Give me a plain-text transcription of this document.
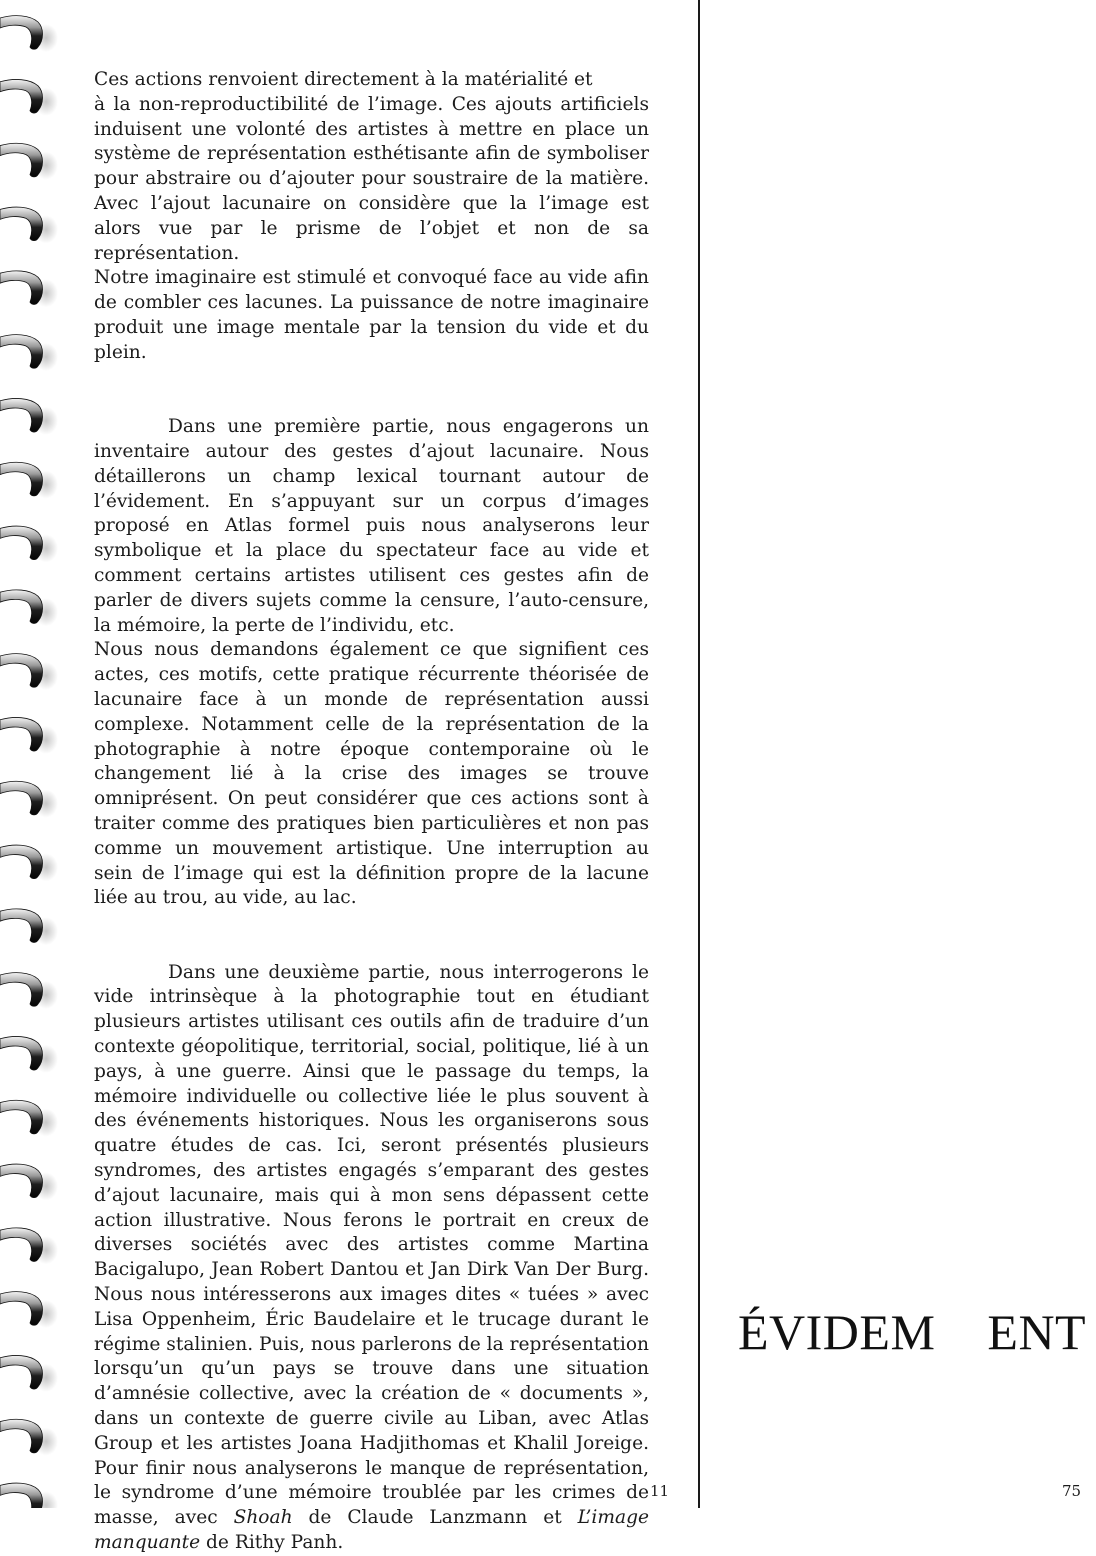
Ces actions renvoient directement à la matérialité et

à la non-reproductibilité de l’image. Ces ajouts artificiels induisent une volonté des artistes à mettre en place un système de représentation esthétisante afin de symboliser pour abstraire ou d’ajouter pour soustraire de la matière. Avec l’ajout lacunaire on considère que la l’image est alors vue par le prisme de l’objet et non de sa représentation.

Notre imaginaire est stimulé et convoqué face au vide afin de combler ces lacunes. La puissance de notre imaginaire produit une image mentale par la tension du vide et du plein.

Dans une première partie, nous engagerons un inventaire autour des gestes d’ajout lacunaire. Nous détaillerons un champ lexical tournant autour de l’évidement. En s’appuyant sur un corpus d’images proposé en Atlas formel puis nous analyserons leur symbolique et la place du spectateur face au vide et comment certains artistes utilisent ces gestes afin de parler de divers sujets comme la censure, l’auto-censure, la mémoire, la perte de l’individu, etc.

Nous nous demandons également ce que signifient ces actes, ces motifs, cette pratique récurrente théorisée de lacunaire face à un monde de représentation aussi complexe. Notamment celle de la représentation de la photographie à notre époque contemporaine où le changement lié à la crise des images se trouve omniprésent. On peut considérer que ces actions sont à traiter comme des pratiques bien particulières et non pas comme un mouvement artistique. Une interruption au sein de l’image qui est la définition propre de la lacune liée au trou, au vide, au lac.

Dans une deuxième partie, nous interrogerons le vide intrinsèque à la photographie tout en étudiant plusieurs artistes utilisant ces outils afin de traduire d’un contexte géopolitique, territorial, social, politique, lié à un pays, à une guerre. Ainsi que le passage du temps, la mémoire individuelle ou collective liée le plus souvent à des événements historiques. Nous les organiserons sous quatre études de cas. Ici, seront présentés plusieurs syndromes, des artistes engagés s’emparant des gestes d’ajout lacunaire, mais qui à mon sens dépassent cette action illustrative. Nous ferons le portrait en creux de diverses sociétés avec des artistes comme Martina Bacigalupo, Jean Robert Dantou et Jan Dirk Van Der Burg. Nous nous intéresserons aux images dites « tuées » avec Lisa Oppenheim, Éric Baudelaire et le trucage durant le régime stalinien. Puis, nous parlerons de la représentation lorsqu’un qu’un pays se trouve dans une situation d’amnésie collective, avec la création de « documents », dans un contexte de guerre civile au Liban, avec Atlas Group et les artistes Joana Hadjithomas et Khalil Joreige. Pour finir nous analyserons le manque de représentation, le syndrome d’une mémoire troublée par les crimes de masse, avec Shoah de Claude Lanzmann et L’image manquante de Rithy Panh.

11
ÉVIDEM    ENT
75
